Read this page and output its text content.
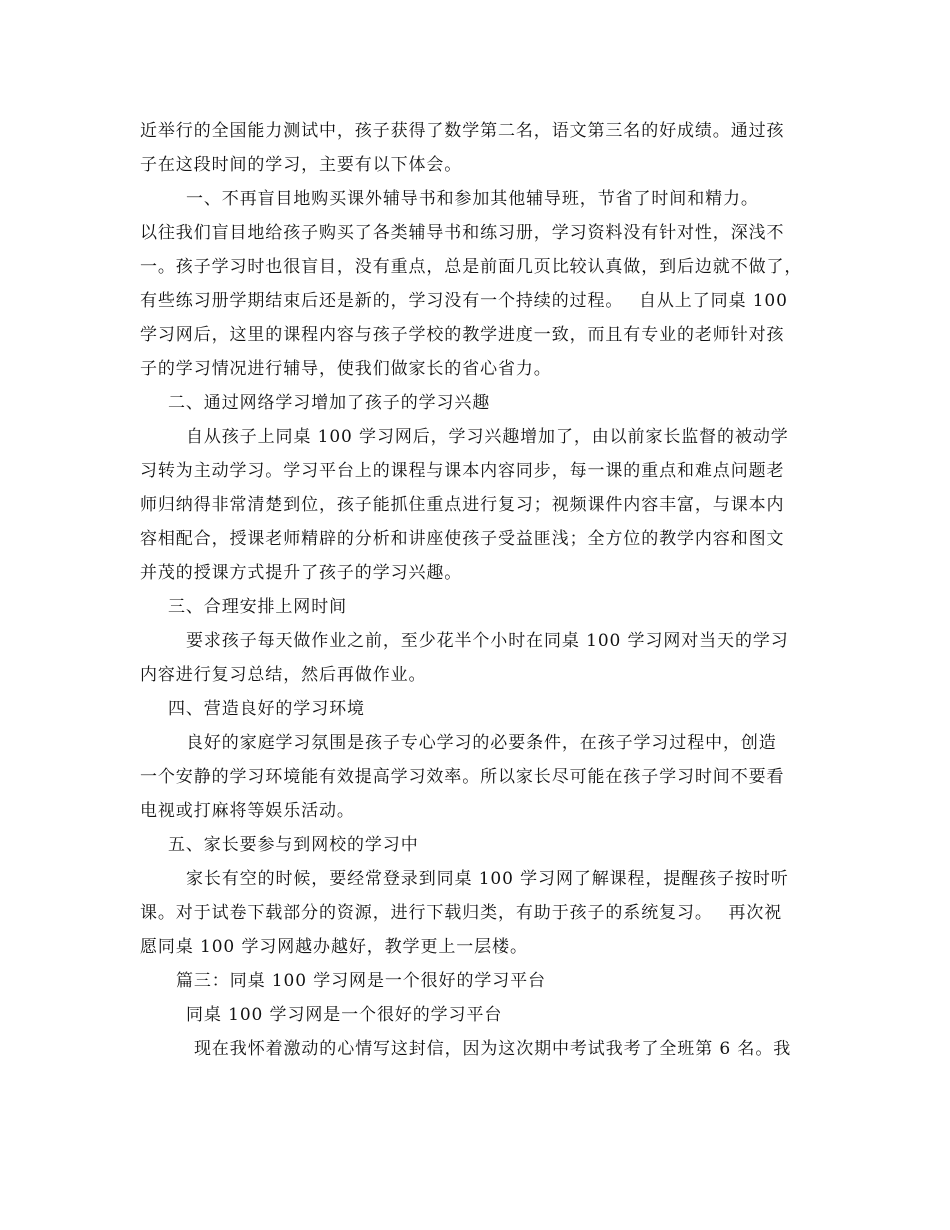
近举行的全国能力测试中，孩子获得了数学第二名，语文第三名的好成绩。通过孩
子在这段时间的学习，主要有以下体会。
一、不再盲目地购买课外辅导书和参加其他辅导班，节省了时间和精力。
以往我们盲目地给孩子购买了各类辅导书和练习册，学习资料没有针对性，深浅不
一。孩子学习时也很盲目，没有重点，总是前面几页比较认真做，到后边就不做了，
有些练习册学期结束后还是新的，学习没有一个持续的过程。　 自从上了同桌 100
学习网后，这里的课程内容与孩子学校的教学进度一致，而且有专业的老师针对孩
子的学习情况进行辅导，使我们做家长的省心省力。
二、通过网络学习增加了孩子的学习兴趣
自从孩子上同桌 100 学习网后，学习兴趣增加了，由以前家长监督的被动学
习转为主动学习。学习平台上的课程与课本内容同步，每一课的重点和难点问题老
师归纳得非常清楚到位，孩子能抓住重点进行复习；视频课件内容丰富，与课本内
容相配合，授课老师精辟的分析和讲座使孩子受益匪浅；全方位的教学内容和图文
并茂的授课方式提升了孩子的学习兴趣。
三、合理安排上网时间
要求孩子每天做作业之前，至少花半个小时在同桌 100 学习网对当天的学习
内容进行复习总结，然后再做作业。
四、营造良好的学习环境
良好的家庭学习氛围是孩子专心学习的必要条件，在孩子学习过程中，创造
一个安静的学习环境能有效提高学习效率。所以家长尽可能在孩子学习时间不要看
电视或打麻将等娱乐活动。
五、家长要参与到网校的学习中
家长有空的时候，要经常登录到同桌 100 学习网了解课程，提醒孩子按时听
课。对于试卷下载部分的资源，进行下载归类，有助于孩子的系统复习。　 再次祝
愿同桌 100 学习网越办越好，教学更上一层楼。
篇三：同桌 100 学习网是一个很好的学习平台
同桌 100 学习网是一个很好的学习平台
现在我怀着激动的心情写这封信，因为这次期中考试我考了全班第 6 名。我
